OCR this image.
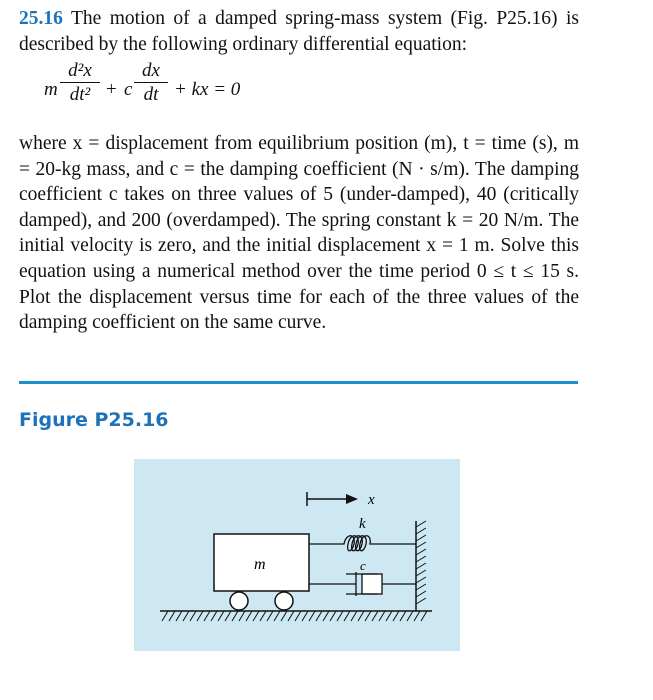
25.16 The motion of a damped spring-mass system (Fig. P25.16) is described by the following ordinary differential equation:
m $\frac{\text{d²x}}{\text{dt²}} + c \frac{dx}{dt}$ + kx = 0
where x = displacement from equilibrium position (m), t = time (s), m = 20-kg mass, and c = the damping coefficient (N · s/m). The damping coefficient c takes on three values of 5 (under-damped), 40 (critically damped), and 200 (overdamped). The spring constant k = 20 N/m. The initial velocity is zero, and the initial displacement x = 1 m. Solve this equation using a numerical method over the time period 0 ≤ t ≤ 15 s. Plot the displacement versus time for each of the three values of the damping coefficient on the same curve.
Figure P25.16
x
k
m	c
